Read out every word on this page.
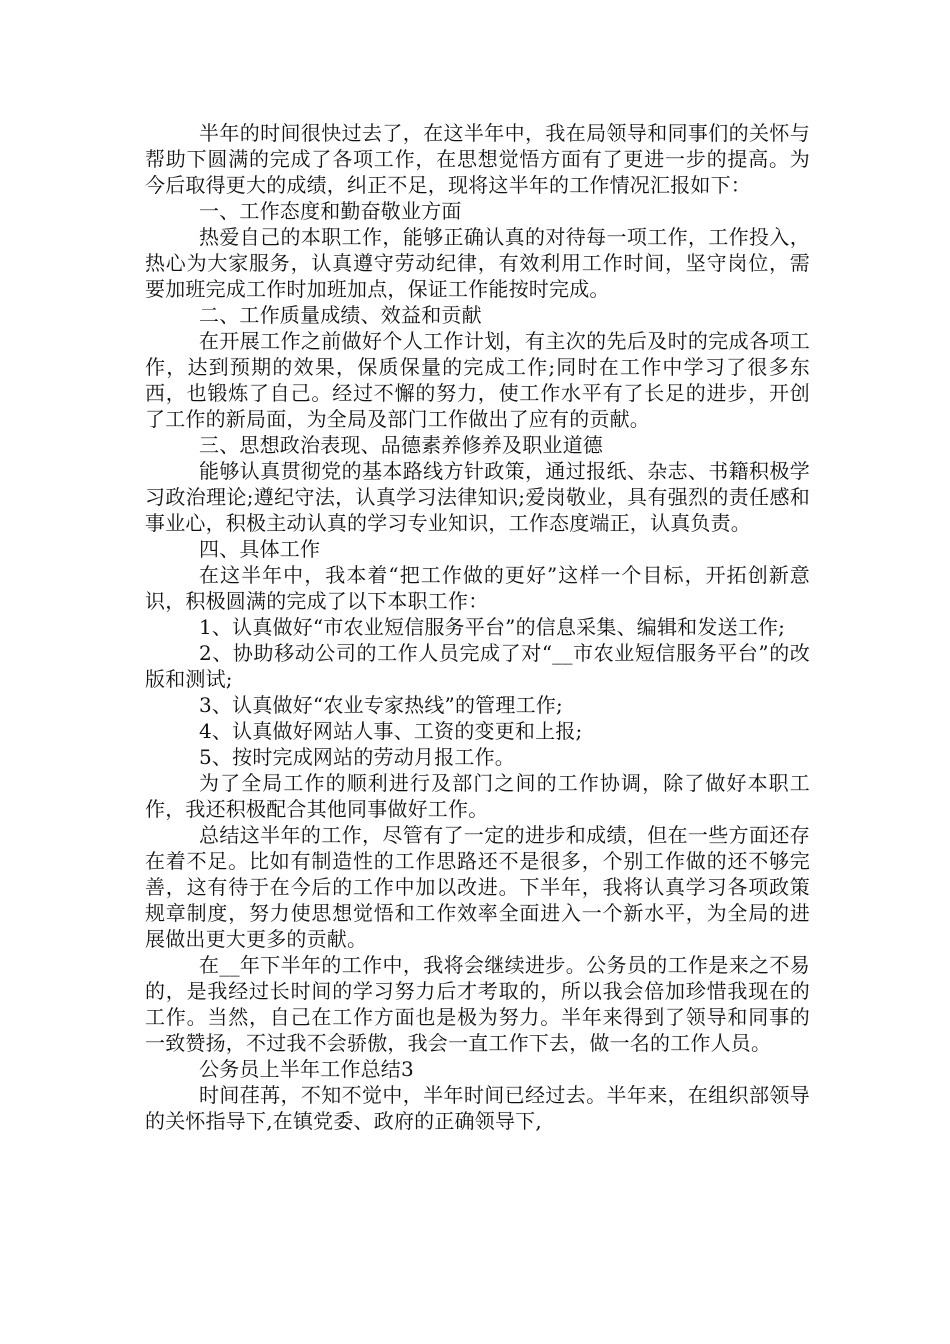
半年的时间很快过去了，在这半年中，我在局领导和同事们的关怀与帮助下圆满的完成了各项工作，在思想觉悟方面有了更进一步的提高。为今后取得更大的成绩，纠正不足，现将这半年的工作情况汇报如下：

一、工作态度和勤奋敬业方面

热爱自己的本职工作，能够正确认真的对待每一项工作，工作投入，热心为大家服务，认真遵守劳动纪律，有效利用工作时间，坚守岗位，需要加班完成工作时加班加点，保证工作能按时完成。

二、工作质量成绩、效益和贡献

在开展工作之前做好个人工作计划，有主次的先后及时的完成各项工作，达到预期的效果，保质保量的完成工作;同时在工作中学习了很多东西，也锻炼了自己。经过不懈的努力，使工作水平有了长足的进步，开创了工作的新局面，为全局及部门工作做出了应有的贡献。

三、思想政治表现、品德素养修养及职业道德

能够认真贯彻党的基本路线方针政策，通过报纸、杂志、书籍积极学习政治理论;遵纪守法，认真学习法律知识;爱岗敬业，具有强烈的责任感和事业心，积极主动认真的学习专业知识，工作态度端正，认真负责。

四、具体工作

在这半年中，我本着“把工作做的更好”这样一个目标，开拓创新意识，积极圆满的完成了以下本职工作：

1、认真做好“市农业短信服务平台”的信息采集、编辑和发送工作;

2、协助移动公司的工作人员完成了对“__市农业短信服务平台”的改版和测试;

3、认真做好“农业专家热线”的管理工作;

4、认真做好网站人事、工资的变更和上报;

5、按时完成网站的劳动月报工作。

为了全局工作的顺利进行及部门之间的工作协调，除了做好本职工作，我还积极配合其他同事做好工作。

总结这半年的工作，尽管有了一定的进步和成绩，但在一些方面还存在着不足。比如有制造性的工作思路还不是很多，个别工作做的还不够完善，这有待于在今后的工作中加以改进。下半年，我将认真学习各项政策规章制度，努力使思想觉悟和工作效率全面进入一个新水平，为全局的进展做出更大更多的贡献。

在__年下半年的工作中，我将会继续进步。公务员的工作是来之不易的，是我经过长时间的学习努力后才考取的，所以我会倍加珍惜我现在的工作。当然，自己在工作方面也是极为努力。半年来得到了领导和同事的一致赞扬，不过我不会骄傲，我会一直工作下去，做一名的工作人员。

公务员上半年工作总结3

时间荏苒，不知不觉中，半年时间已经过去。半年来，在组织部领导的关怀指导下,在镇党委、政府的正确领导下,
